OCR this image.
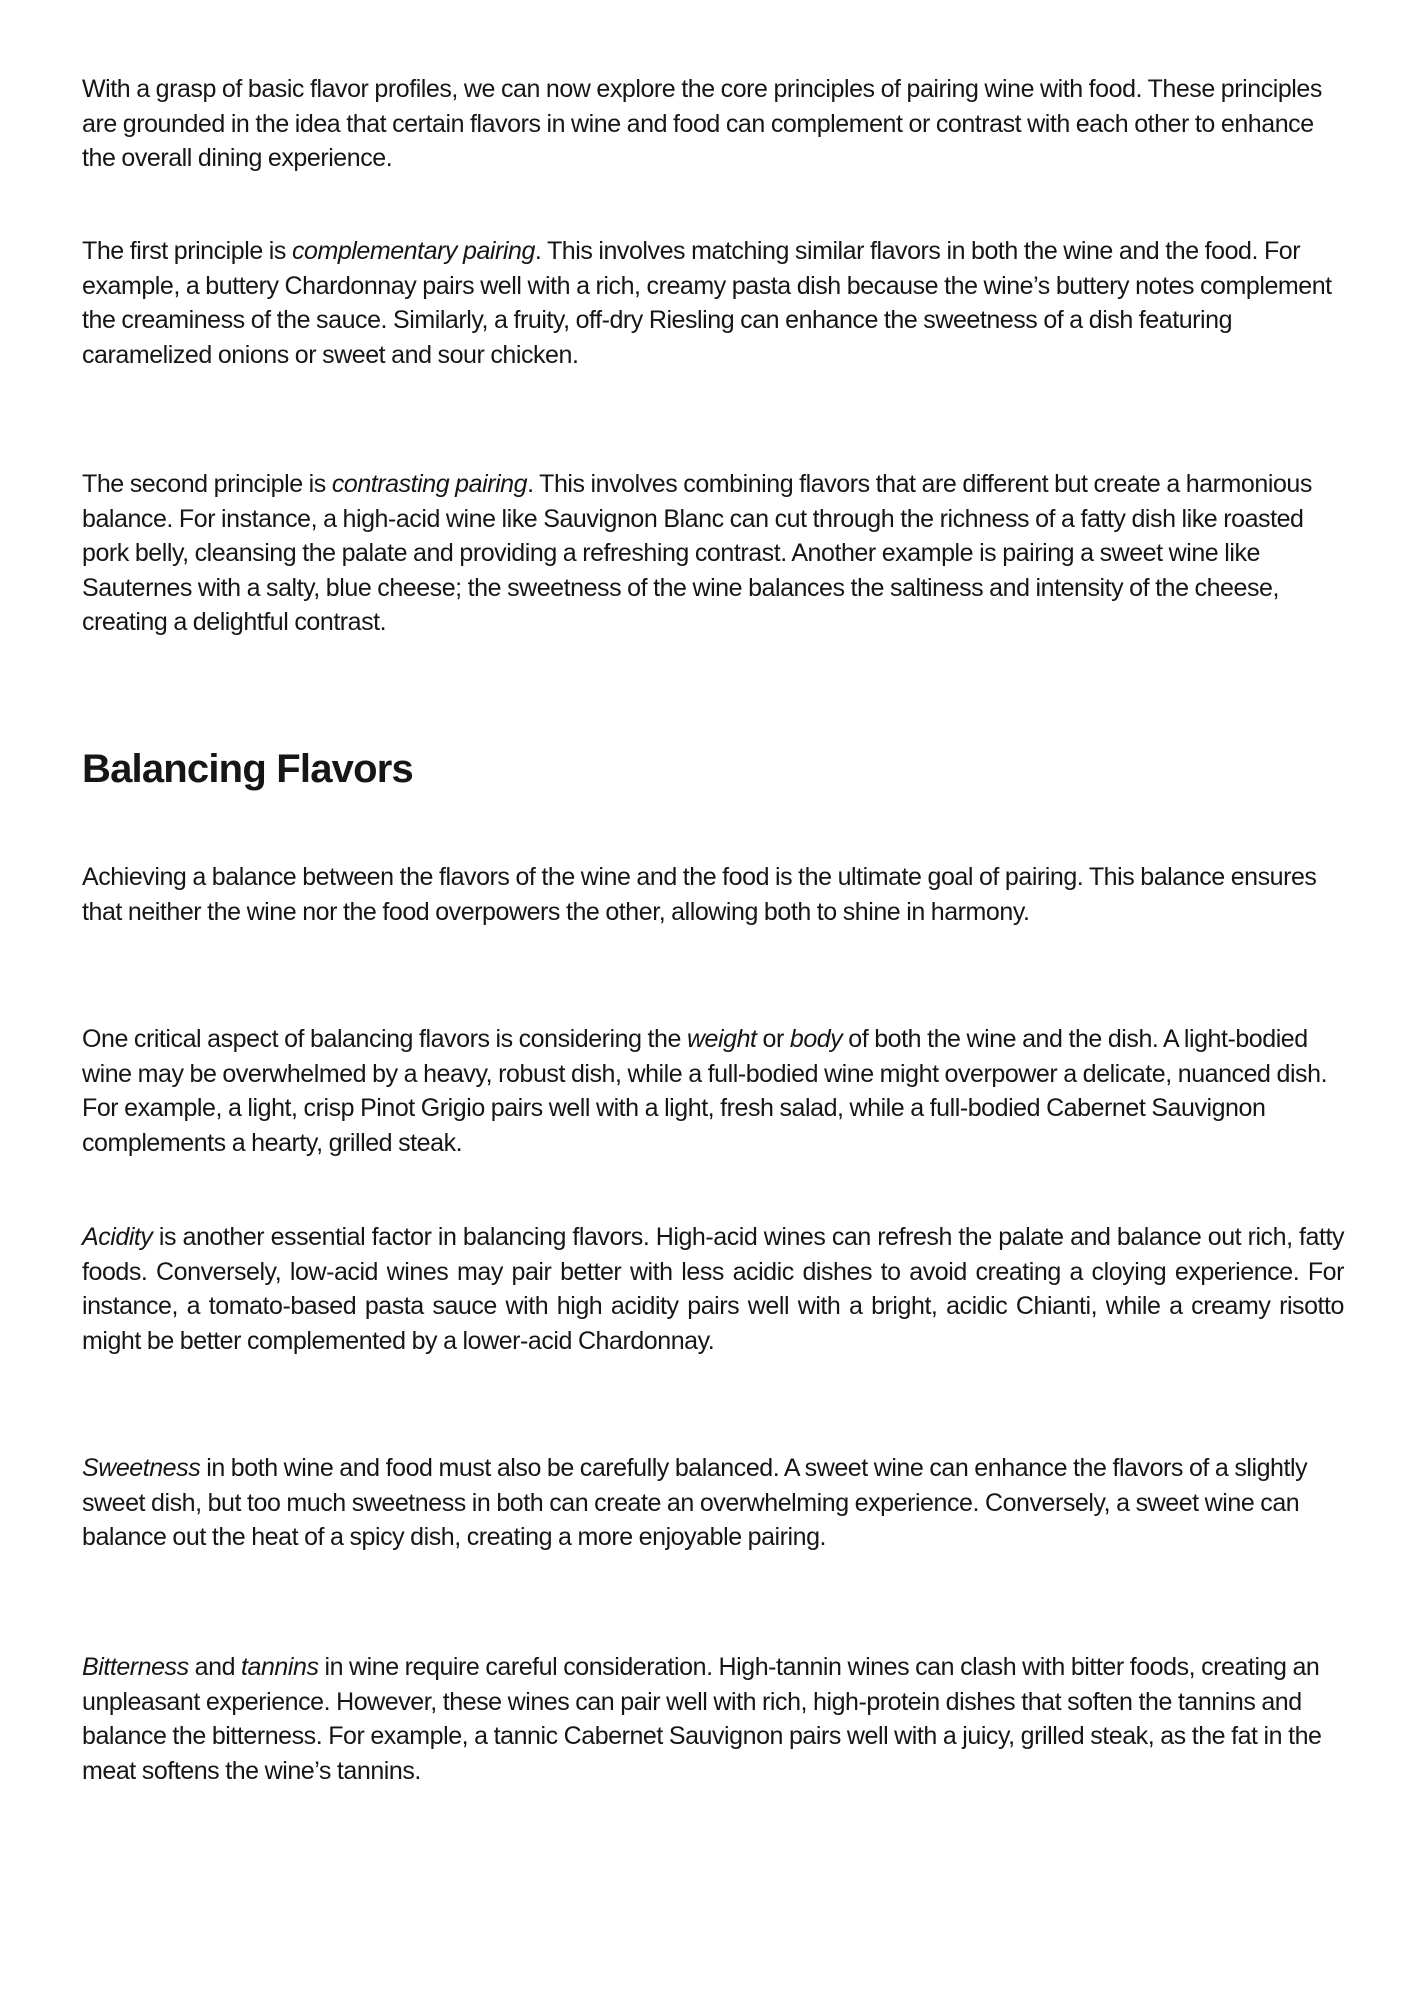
With a grasp of basic flavor profiles, we can now explore the core principles of pairing wine with food. These principles are grounded in the idea that certain flavors in wine and food can complement or contrast with each other to enhance the overall dining experience.

The first principle is complementary pairing. This involves matching similar flavors in both the wine and the food. For example, a buttery Chardonnay pairs well with a rich, creamy pasta dish because the wine’s buttery notes complement the creaminess of the sauce. Similarly, a fruity, off-dry Riesling can enhance the sweetness of a dish featuring caramelized onions or sweet and sour chicken.

The second principle is contrasting pairing. This involves combining flavors that are different but create a harmonious balance. For instance, a high-acid wine like Sauvignon Blanc can cut through the richness of a fatty dish like roasted pork belly, cleansing the palate and providing a refreshing contrast. Another example is pairing a sweet wine like Sauternes with a salty, blue cheese; the sweetness of the wine balances the saltiness and intensity of the cheese, creating a delightful contrast.

Balancing Flavors

Achieving a balance between the flavors of the wine and the food is the ultimate goal of pairing. This balance ensures that neither the wine nor the food overpowers the other, allowing both to shine in harmony.

One critical aspect of balancing flavors is considering the weight or body of both the wine and the dish. A light-bodied wine may be overwhelmed by a heavy, robust dish, while a full-bodied wine might overpower a delicate, nuanced dish. For example, a light, crisp Pinot Grigio pairs well with a light, fresh salad, while a full-bodied Cabernet Sauvignon complements a hearty, grilled steak.

Acidity is another essential factor in balancing flavors. High-acid wines can refresh the palate and balance out rich, fatty foods. Conversely, low-acid wines may pair better with less acidic dishes to avoid creating a cloying experience. For instance, a tomato-based pasta sauce with high acidity pairs well with a bright, acidic Chianti, while a creamy risotto might be better complemented by a lower-acid Chardonnay.

Sweetness in both wine and food must also be carefully balanced. A sweet wine can enhance the flavors of a slightly sweet dish, but too much sweetness in both can create an overwhelming experience. Conversely, a sweet wine can balance out the heat of a spicy dish, creating a more enjoyable pairing.

Bitterness and tannins in wine require careful consideration. High-tannin wines can clash with bitter foods, creating an unpleasant experience. However, these wines can pair well with rich, high-protein dishes that soften the tannins and balance the bitterness. For example, a tannic Cabernet Sauvignon pairs well with a juicy, grilled steak, as the fat in the meat softens the wine’s tannins.
